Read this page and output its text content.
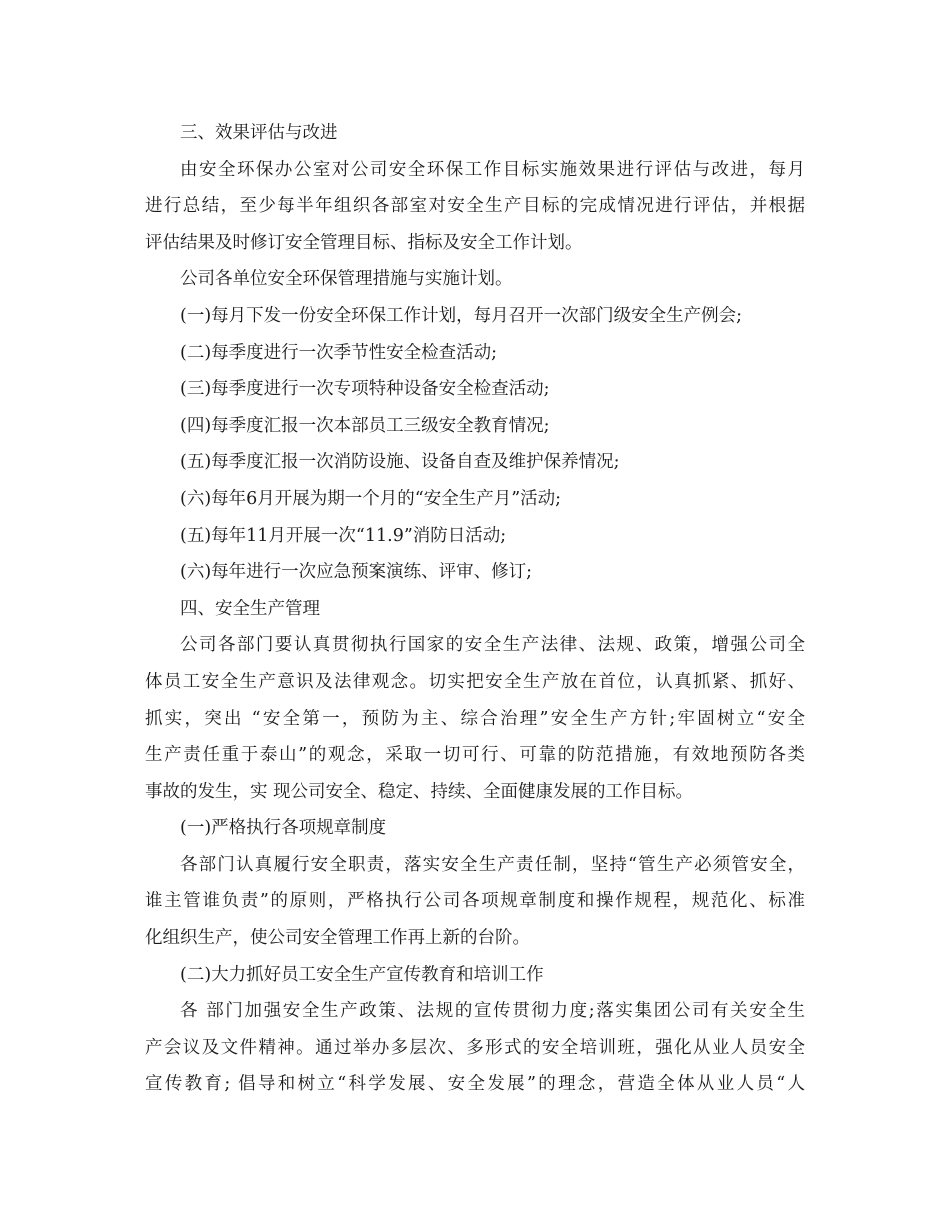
三、效果评估与改进
由安全环保办公室对公司安全环保工作目标实施效果进行评估与改进，每月
进行总结，至少每半年组织各部室对安全生产目标的完成情况进行评估，并根据
评估结果及时修订安全管理目标、指标及安全工作计划。
公司各单位安全环保管理措施与实施计划。
(一)每月下发一份安全环保工作计划，每月召开一次部门级安全生产例会;
(二)每季度进行一次季节性安全检查活动;
(三)每季度进行一次专项特种设备安全检查活动;
(四)每季度汇报一次本部员工三级安全教育情况;
(五)每季度汇报一次消防设施、设备自查及维护保养情况;
(六)每年6月开展为期一个月的“安全生产月”活动;
(五)每年11月开展一次“11.9”消防日活动;
(六)每年进行一次应急预案演练、评审、修订;
四、安全生产管理
公司各部门要认真贯彻执行国家的安全生产法律、法规、政策，增强公司全
体员工安全生产意识及法律观念。切实把安全生产放在首位，认真抓紧、抓好、
抓实，突出 “安全第一，预防为主、综合治理”安全生产方针;牢固树立“安全
生产责任重于泰山”的观念，采取一切可行、可靠的防范措施，有效地预防各类
事故的发生，实 现公司安全、稳定、持续、全面健康发展的工作目标。
(一)严格执行各项规章制度
各部门认真履行安全职责，落实安全生产责任制，坚持“管生产必须管安全，
谁主管谁负责”的原则，严格执行公司各项规章制度和操作规程，规范化、标准
化组织生产，使公司安全管理工作再上新的台阶。
(二)大力抓好员工安全生产宣传教育和培训工作
各 部门加强安全生产政策、法规的宣传贯彻力度;落实集团公司有关安全生
产会议及文件精神。通过举办多层次、多形式的安全培训班，强化从业人员安全
宣传教育; 倡导和树立“科学发展、安全发展”的理念，营造全体从业人员“人
